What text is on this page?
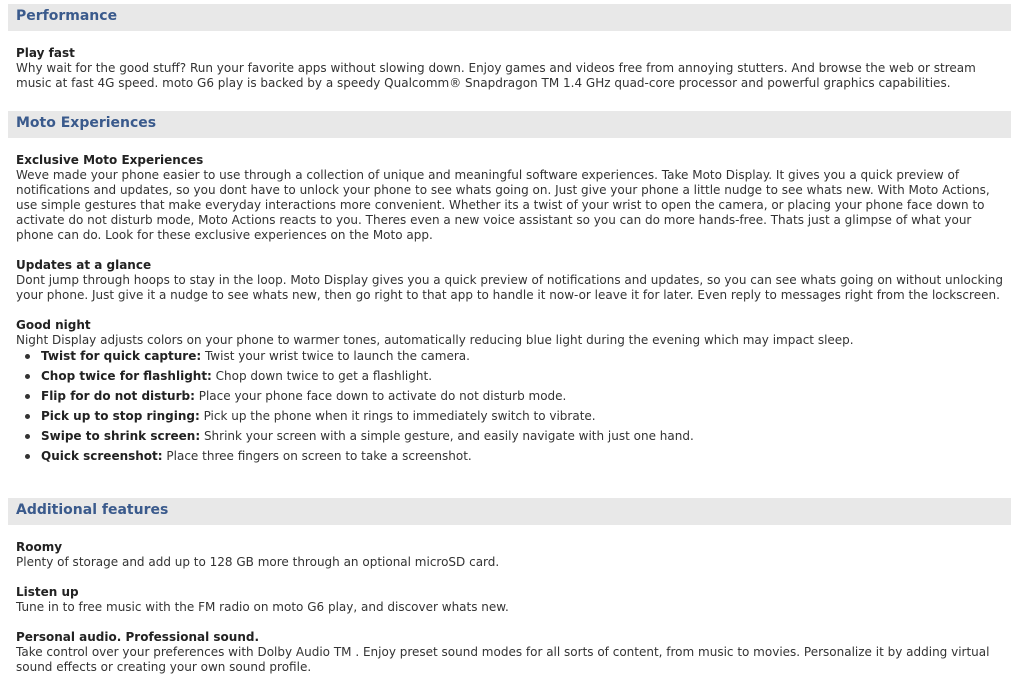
Performance
Play fast

Why wait for the good stuff? Run your favorite apps without slowing down. Enjoy games and videos free from annoying stutters. And browse the web or stream
music at fast 4G speed. moto G6 play is backed by a speedy Qualcomm® Snapdragon TM 1.4 GHz quad-core processor and powerful graphics capabilities.

Moto Experiences
Exclusive Moto Experiences

Weve made your phone easier to use through a collection of unique and meaningful software experiences. Take Moto Display. It gives you a quick preview of
notifications and updates, so you dont have to unlock your phone to see whats going on. Just give your phone a little nudge to see whats new. With Moto Actions,
use simple gestures that make everyday interactions more convenient. Whether its a twist of your wrist to open the camera, or placing your phone face down to
activate do not disturb mode, Moto Actions reacts to you. Theres even a new voice assistant so you can do more hands-free. Thats just a glimpse of what your
phone can do. Look for these exclusive experiences on the Moto app.

Updates at a glance

Dont jump through hoops to stay in the loop. Moto Display gives you a quick preview of notifications and updates, so you can see whats going on without unlocking
your phone. Just give it a nudge to see whats new, then go right to that app to handle it now-or leave it for later. Even reply to messages right from the lockscreen.

Good night

Night Display adjusts colors on your phone to warmer tones, automatically reducing blue light during the evening which may impact sleep.

Twist for quick capture: Twist your wrist twice to launch the camera.
Chop twice for flashlight: Chop down twice to get a flashlight.
Flip for do not disturb: Place your phone face down to activate do not disturb mode.
Pick up to stop ringing: Pick up the phone when it rings to immediately switch to vibrate.
Swipe to shrink screen: Shrink your screen with a simple gesture, and easily navigate with just one hand.
Quick screenshot: Place three fingers on screen to take a screenshot.
Additional features
Roomy

Plenty of storage and add up to 128 GB more through an optional microSD card.

Listen up

Tune in to free music with the FM radio on moto G6 play, and discover whats new.

Personal audio. Professional sound.

Take control over your preferences with Dolby Audio TM . Enjoy preset sound modes for all sorts of content, from music to movies. Personalize it by adding virtual
sound effects or creating your own sound profile.
